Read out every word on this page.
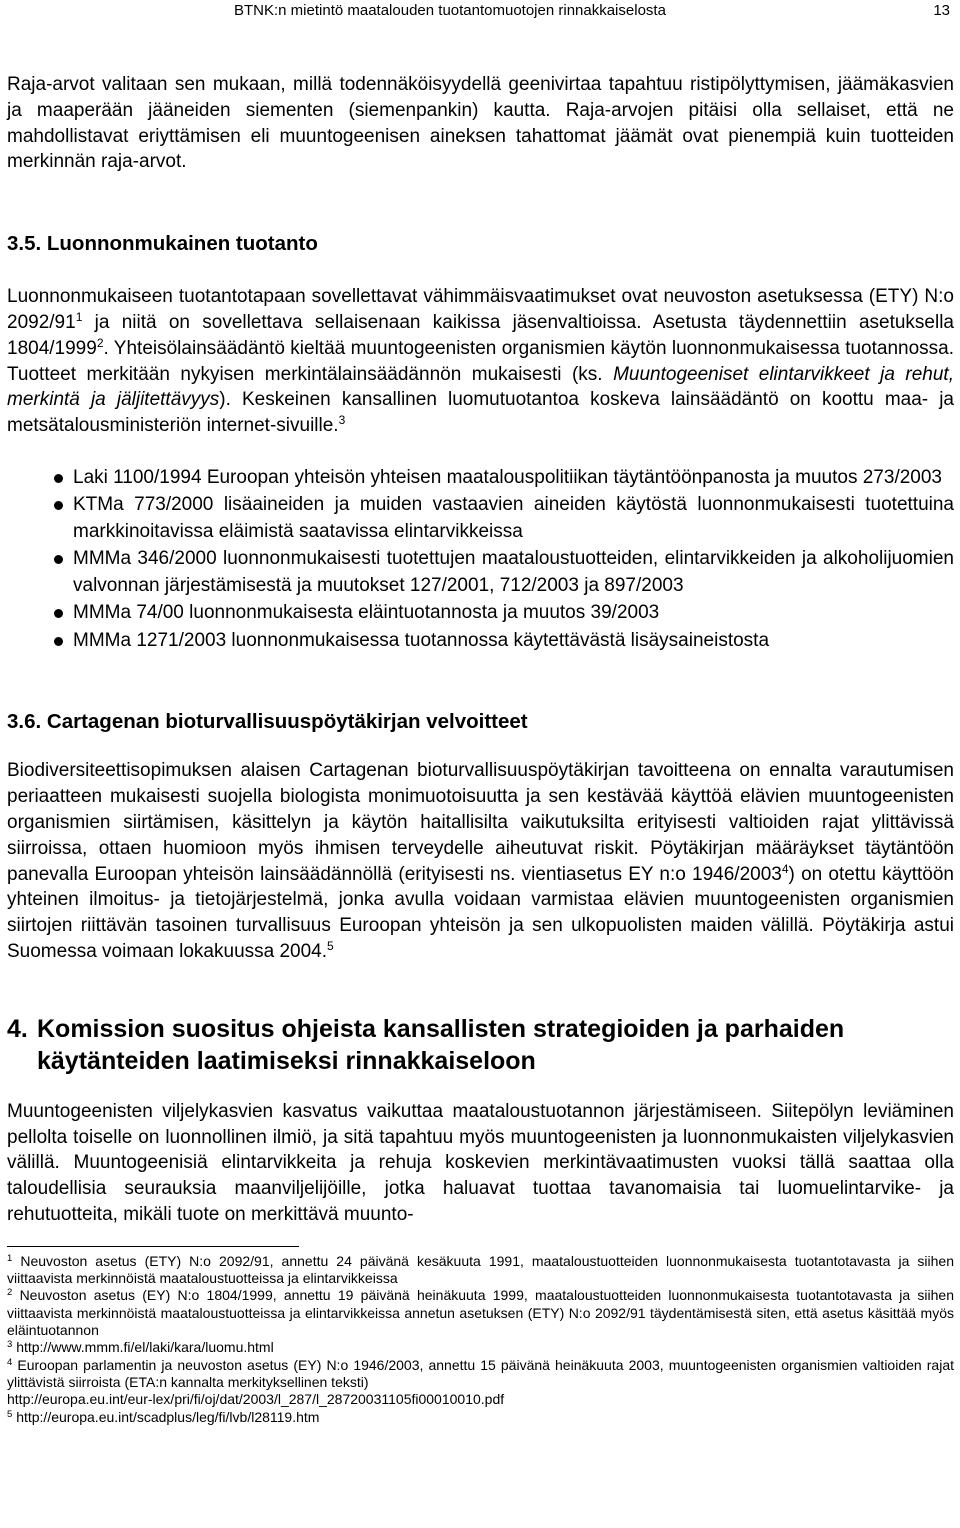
BTNK:n mietintö maatalouden tuotantomuotojen rinnakkaiselosta	13

Raja-arvot valitaan sen mukaan, millä todennäköisyydellä geenivirtaa tapahtuu ristipölyttymisen, jäämäkasvien ja maaperään jääneiden siementen (siemenpankin) kautta. Raja-arvojen pitäisi olla sellaiset, että ne mahdollistavat eriyttämisen eli muuntogeenisen aineksen tahattomat jäämät ovat pienempiä kuin tuotteiden merkinnän raja-arvot.

3.5. Luonnonmukainen tuotanto

Luonnonmukaiseen tuotantotapaan sovellettavat vähimmäisvaatimukset ovat neuvoston asetuksessa (ETY) N:o $2092/91^1$ ja niitä on sovellettava sellaisenaan kaikissa jäsenvaltioissa. Asetusta täydennettiin asetuksella 1804/1999$^2$. Yhteisölainsäädäntö kieltää muuntogeenisten organismien käytön luonnonmukaisessa tuotannossa. Tuotteet merkitään nykyisen merkintälainsäädännön mukaisesti (ks. Muuntogeeniset elintarvikkeet ja rehut, merkintä ja jäljitettävyys). Keskeinen kansallinen luomutuotantoa koskeva lainsäädäntö on koottu maa- ja metsätalousministeriön internet-sivuille.$^3$

Laki 1100/1994 Euroopan yhteisön yhteisen maatalouspolitiikan täytäntöönpanosta ja muutos 273/2003
KTMa 773/2000 lisäaineiden ja muiden vastaavien aineiden käytöstä luonnonmukaisesti tuotettuina markkinoitavissa eläimistä saatavissa elintarvikkeissa
MMMa 346/2000 luonnonmukaisesti tuotettujen maataloustuotteiden, elintarvikkeiden ja alkoholijuomien valvonnan järjestämisestä ja muutokset 127/2001, 712/2003 ja 897/2003
MMMa 74/00 luonnonmukaisesta eläintuotannosta ja muutos 39/2003
MMMa 1271/2003 luonnonmukaisessa tuotannossa käytettävästä lisäysaineistosta
3.6. Cartagenan bioturvallisuuspöytäkirjan velvoitteet

Biodiversiteettisopimuksen alaisen Cartagenan bioturvallisuuspöytäkirjan tavoitteena on ennalta varautumisen periaatteen mukaisesti suojella biologista monimuotoisuutta ja sen kestävää käyttöä elävien muuntogeenisten organismien siirtämisen, käsittelyn ja käytön haitallisilta vaikutuksilta erityisesti valtioiden rajat ylittävissä siirroissa, ottaen huomioon myös ihmisen terveydelle aiheutuvat riskit. Pöytäkirjan määräykset täytäntöön panevalla Euroopan yhteisön lainsäädännöllä (erityisesti ns. vientiasetus EY n:o 1946/2003$^4$) on otettu käyttöön yhteinen ilmoitus- ja tietojärjestelmä, jonka avulla voidaan varmistaa elävien muuntogeenisten organismien siirtojen riittävän tasoinen turvallisuus Euroopan yhteisön ja sen ulkopuolisten maiden välillä. Pöytäkirja astui Suomessa voimaan lokakuussa 2004.$^5$

4. Komission suositus ohjeista kansallisten strategioiden ja parhaiden
käytänteiden laatimiseksi rinnakkaiseloon

Muuntogeenisten viljelykasvien kasvatus vaikuttaa maataloustuotannon järjestämiseen. Siitepölyn leviäminen pellolta toiselle on luonnollinen ilmiö, ja sitä tapahtuu myös muuntogeenisten ja luonnonmukaisten viljelykasvien välillä. Muuntogeenisiä elintarvikkeita ja rehuja koskevien merkintävaatimusten vuoksi tällä saattaa olla taloudellisia seurauksia maanviljelijöille, jotka haluavat tuottaa tavanomaisia tai luomuelintarvike- ja rehutuotteita, mikäli tuote on merkittävä muunto-

$^1$ Neuvoston asetus (ETY) N:o 2092/91, annettu 24 päivänä kesäkuuta 1991, maataloustuotteiden luonnonmukaisesta tuotantotavasta ja siihen viittaavista merkinnöistä maataloustuotteissa ja elintarvikkeissa

$^2$ Neuvoston asetus (EY) N:o 1804/1999, annettu 19 päivänä heinäkuuta 1999, maataloustuotteiden luonnonmukaisesta tuotantotavasta ja siihen viittaavista merkinnöistä maataloustuotteissa ja elintarvikkeissa annetun asetuksen (ETY) N:o 2092/91 täydentämisestä siten, että asetus käsittää myös eläintuotannon

$^3$ http://www.mmm.fi/el/laki/kara/luomu.html

$^4$ Euroopan parlamentin ja neuvoston asetus (EY) N:o 1946/2003, annettu 15 päivänä heinäkuuta 2003, muuntogeenisten organismien valtioiden rajat ylittävistä siirroista (ETA:n kannalta merkityksellinen teksti)
http://europa.eu.int/eur-lex/pri/fi/oj/dat/2003/l_287/l_28720031105fi00010010.pdf

$^5$ http://europa.eu.int/scadplus/leg/fi/lvb/l28119.htm
